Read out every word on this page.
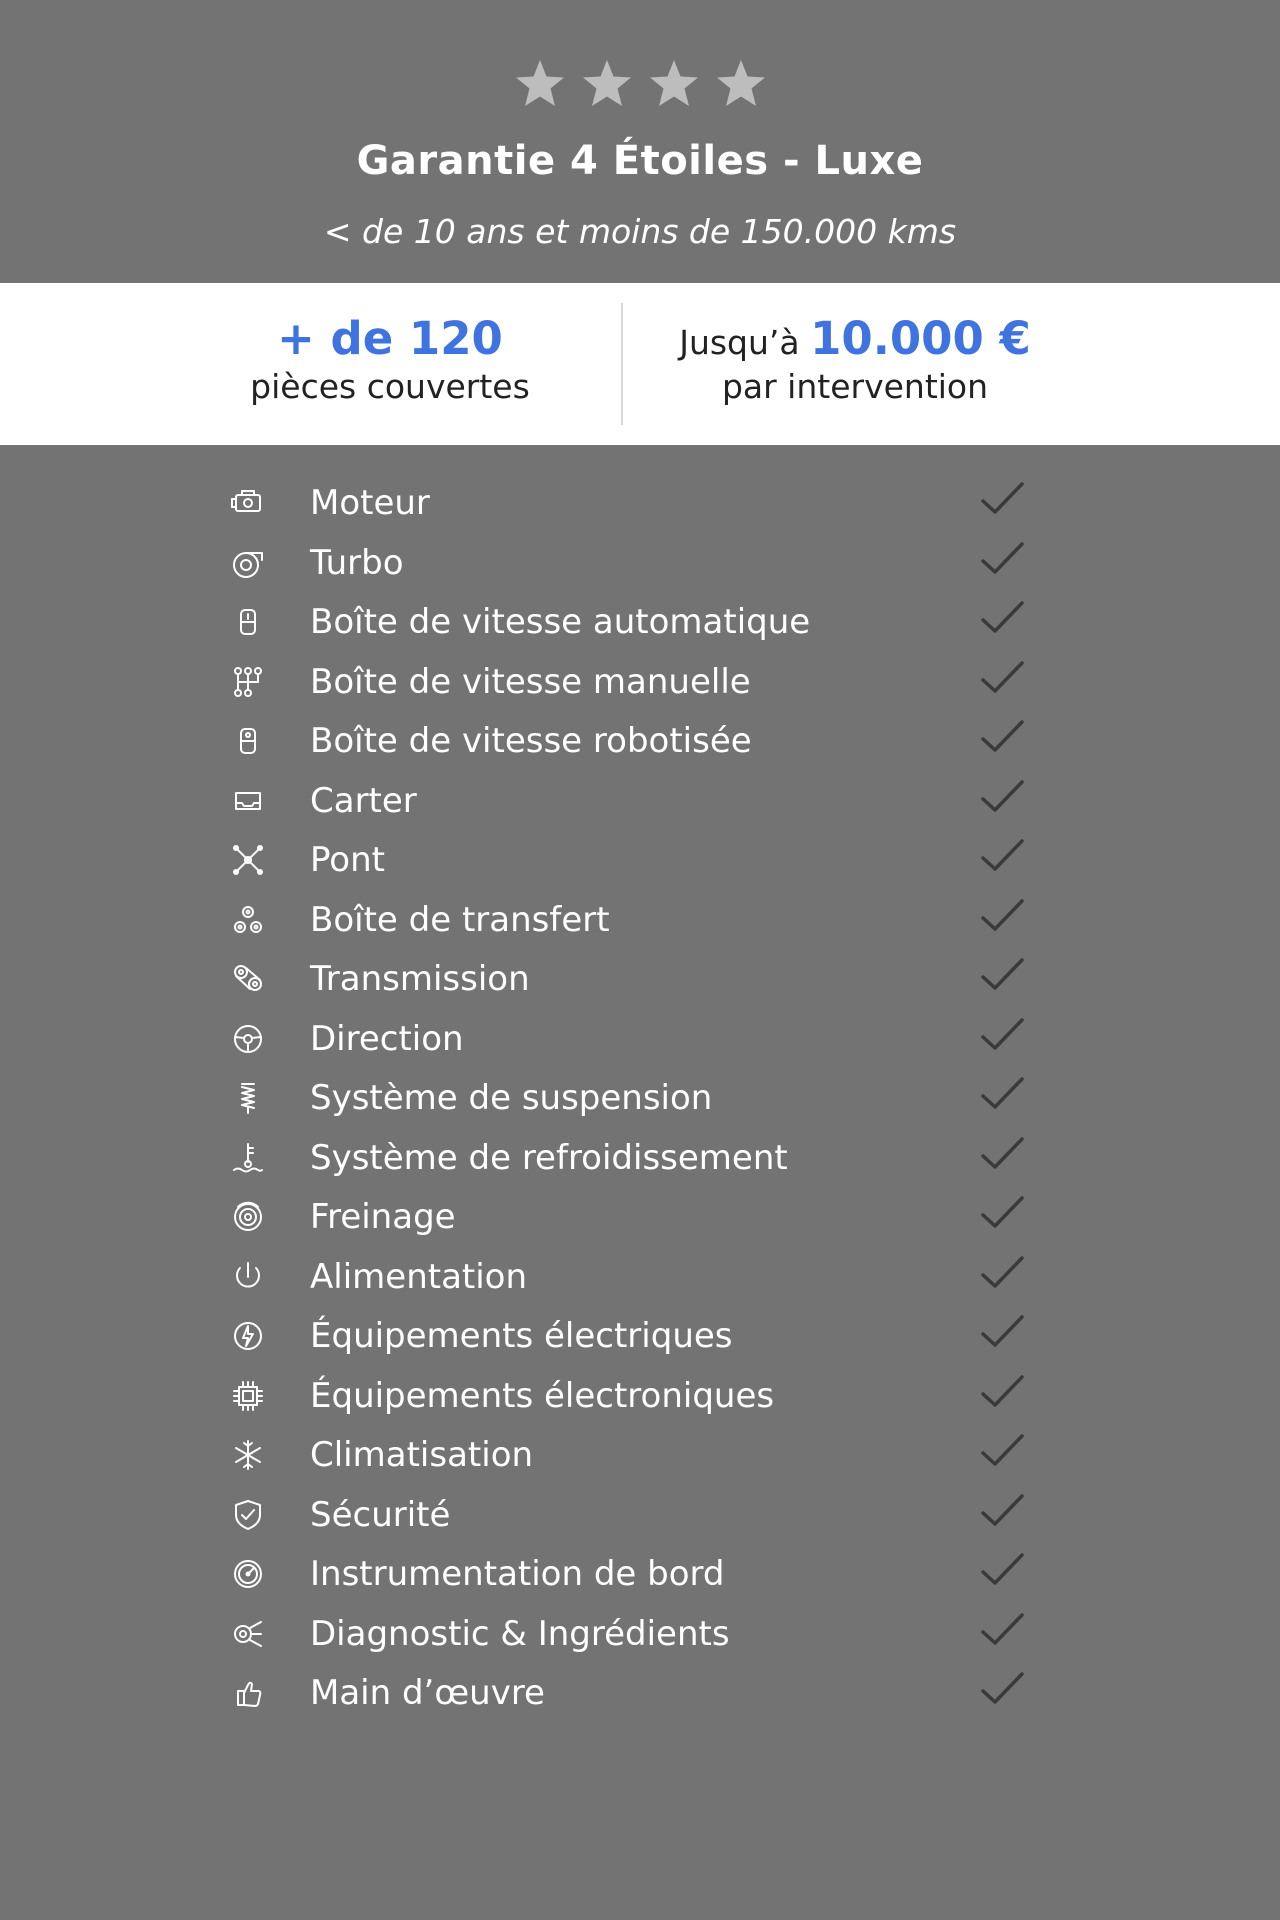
Garantie 4 Étoiles - Luxe
< de 10 ans et moins de 150.000 kms
+ de 120
pièces couvertes
Jusqu’à 10.000 €
par intervention
Moteur
Turbo
Boîte de vitesse automatique
Boîte de vitesse manuelle
Boîte de vitesse robotisée
Carter
Pont
Boîte de transfert
Transmission
Direction
Système de suspension
Système de refroidissement
Freinage
Alimentation
Équipements électriques
Équipements électroniques
Climatisation
Sécurité
Instrumentation de bord
Diagnostic & Ingrédients
Main d’œuvre
